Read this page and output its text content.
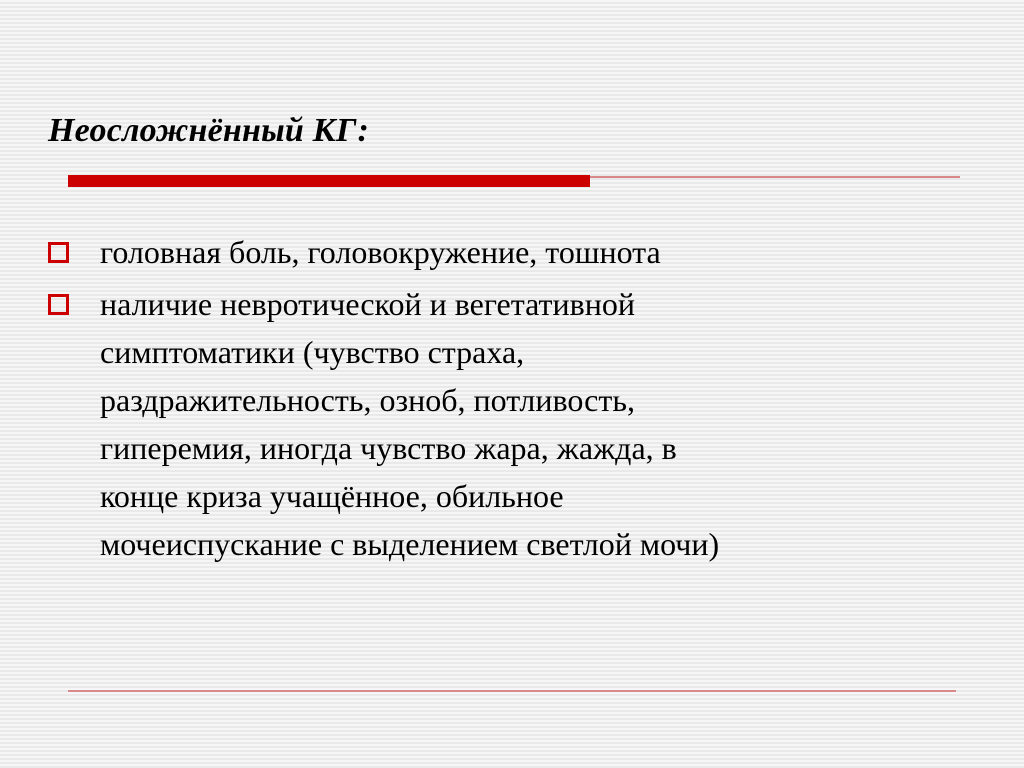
Неосложнённый КГ:
головная боль, головокружение, тошнота
наличие невротической и вегетативной
симптоматики (чувство страха,
раздражительность, озноб, потливость,
гиперемия, иногда чувство жара, жажда, в
конце криза учащённое, обильное
мочеиспускание с выделением светлой мочи)
